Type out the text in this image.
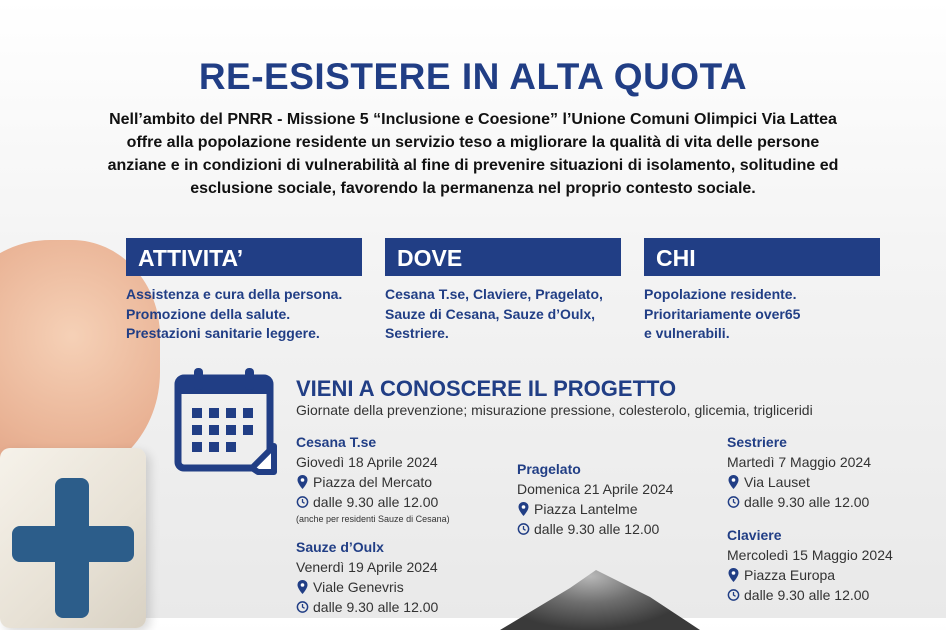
RE-ESISTERE IN ALTA QUOTA

Nell’ambito del PNRR - Missione 5 “Inclusione e Coesione” l’Unione Comuni Olimpici Via Lattea
offre alla popolazione residente un servizio teso a migliorare la qualità di vita delle persone
anziane e in condizioni di vulnerabilità al fine di prevenire situazioni di isolamento, solitudine ed
esclusione sociale, favorendo la permanenza nel proprio contesto sociale.

ATTIVITA’
Assistenza e cura della persona.
Promozione della salute.
Prestazioni sanitarie leggere.
DOVE
Cesana T.se, Claviere, Pragelato,
Sauze di Cesana, Sauze d’Oulx,
Sestriere.
CHI
Popolazione residente.
Prioritariamente over65
e vulnerabili.
VIENI A CONOSCERE IL PROGETTO
Giornate della prevenzione; misurazione pressione, colesterolo, glicemia, trigliceridi
Cesana T.se
Giovedì 18 Aprile 2024
Piazza del Mercato
dalle 9.30 alle 12.00
(anche per residenti Sauze di Cesana)
Sauze d’Oulx
Venerdì 19 Aprile 2024
Viale Genevris
dalle 9.30 alle 12.00
Pragelato
Domenica 21 Aprile 2024
Piazza Lantelme
dalle 9.30 alle 12.00
Sestriere
Martedì 7 Maggio 2024
Via Lauset
dalle 9.30 alle 12.00
Claviere
Mercoledì 15 Maggio 2024
Piazza Europa
dalle 9.30 alle 12.00
